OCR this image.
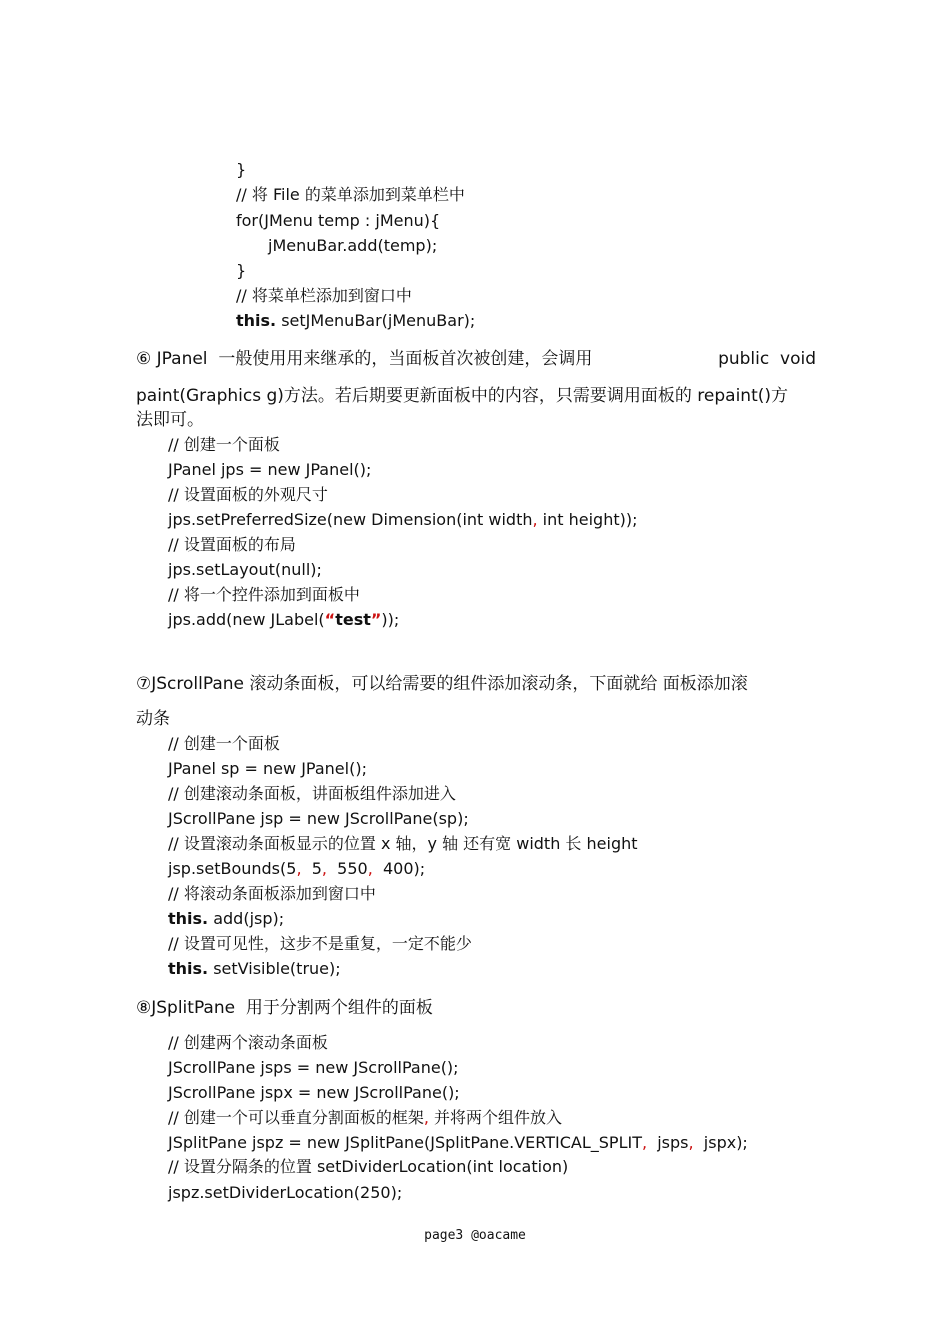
}
// 将 File 的菜单添加到菜单栏中
for(JMenu temp : jMenu){
jMenuBar.add(temp);
}
// 将菜单栏添加到窗口中
this. setJMenuBar(jMenuBar);
⑥ JPanel  一般使用用来继承的，当面板首次被创建，会调用	public  void
paint(Graphics g)方法。若后期要更新面板中的内容，只需要调用面板的 repaint()方
法即可。
// 创建一个面板
JPanel jps = new JPanel();
// 设置面板的外观尺寸
jps.setPreferredSize(new Dimension(int width, int height));
// 设置面板的布局
jps.setLayout(null);
// 将一个控件添加到面板中
jps.add(new JLabel(“test”));
⑦JScrollPane 滚动条面板，可以给需要的组件添加滚动条，下面就给 面板添加滚
动条
// 创建一个面板
JPanel sp = new JPanel();
// 创建滚动条面板，讲面板组件添加进入
JScrollPane jsp = new JScrollPane(sp);
// 设置滚动条面板显示的位置 x 轴，y 轴 还有宽 width 长 height
jsp.setBounds(5,  5,  550,  400);
// 将滚动条面板添加到窗口中
this. add(jsp);
// 设置可见性，这步不是重复，一定不能少
this. setVisible(true);
⑧JSplitPane  用于分割两个组件的面板
// 创建两个滚动条面板
JScrollPane jsps = new JScrollPane();
JScrollPane jspx = new JScrollPane();
// 创建一个可以垂直分割面板的框架, 并将两个组件放入
JSplitPane jspz = new JSplitPane(JSplitPane.VERTICAL_SPLIT,  jsps,  jspx);
// 设置分隔条的位置 setDividerLocation(int location)
jspz.setDividerLocation(250);
page3 @oacame
